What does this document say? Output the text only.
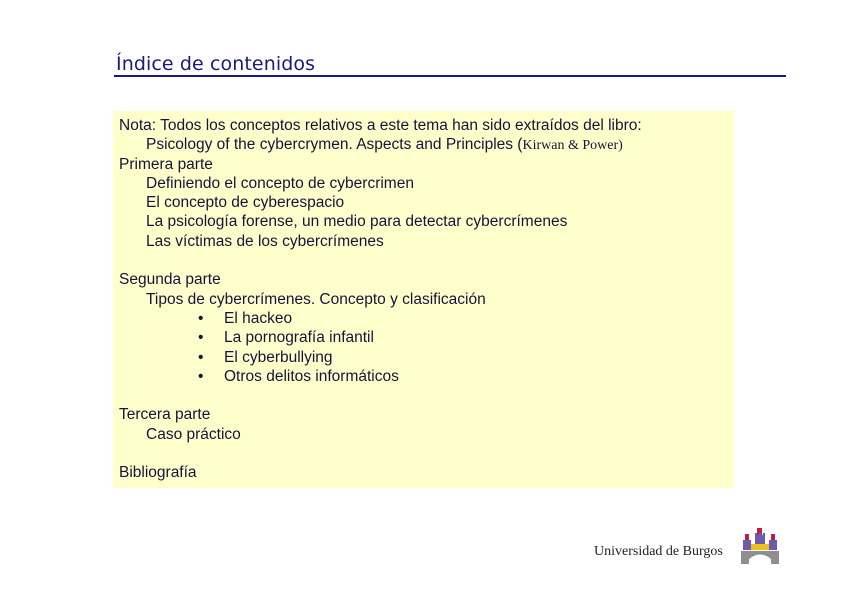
Índice de contenidos
Nota: Todos los conceptos relativos a este tema han sido extraídos del libro:
Psicology of the cybercrymen. Aspects and Principles (Kirwan & Power)
Primera parte
Definiendo el concepto de cybercrimen
El concepto de cyberespacio
La psicología forense, un medio para detectar cybercrímenes
Las víctimas de los cybercrímenes
Segunda parte
Tipos de cybercrímenes. Concepto y clasificación
• El hackeo
• La pornografía infantil
• El cyberbullying
• Otros delitos informáticos
Tercera parte
Caso práctico
Bibliografía
Universidad de Burgos
